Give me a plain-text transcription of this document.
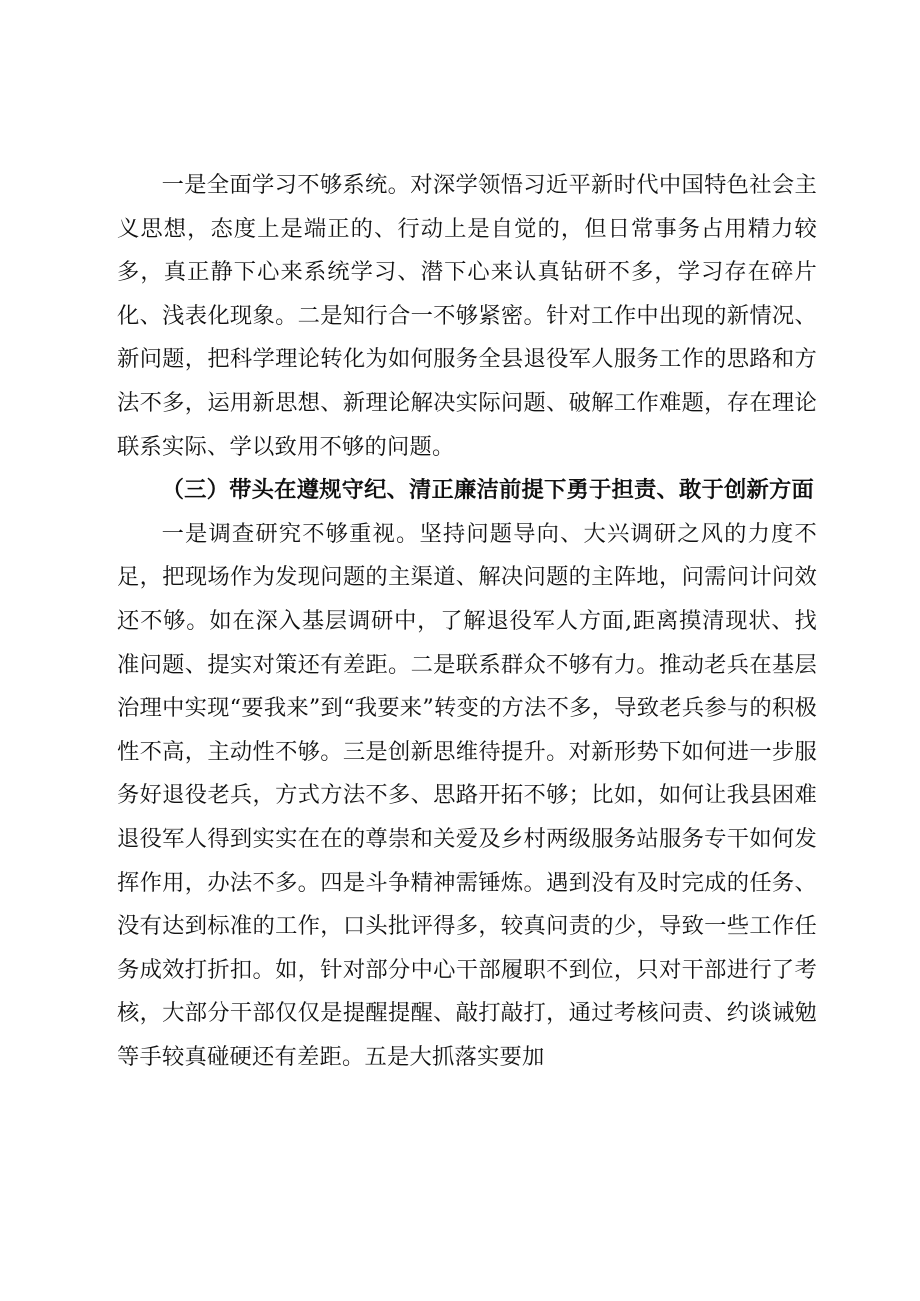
一是全面学习不够系统。对深学领悟习近平新时代中国特色社会主义思想，态度上是端正的、行动上是自觉的，但日常事务占用精力较多，真正静下心来系统学习、潜下心来认真钻研不多，学习存在碎片化、浅表化现象。二是知行合一不够紧密。针对工作中出现的新情况、新问题，把科学理论转化为如何服务全县退役军人服务工作的思路和方法不多，运用新思想、新理论解决实际问题、破解工作难题，存在理论联系实际、学以致用不够的问题。

（三）带头在遵规守纪、清正廉洁前提下勇于担责、敢于创新方面

一是调查研究不够重视。坚持问题导向、大兴调研之风的力度不足，把现场作为发现问题的主渠道、解决问题的主阵地，问需问计问效还不够。如在深入基层调研中，了解退役军人方面,距离摸清现状、找准问题、提实对策还有差距。二是联系群众不够有力。推动老兵在基层治理中实现“要我来”到“我要来”转变的方法不多，导致老兵参与的积极性不高，主动性不够。三是创新思维待提升。对新形势下如何进一步服务好退役老兵，方式方法不多、思路开拓不够；比如，如何让我县困难退役军人得到实实在在的尊崇和关爱及乡村两级服务站服务专干如何发挥作用，办法不多。四是斗争精神需锤炼。遇到没有及时完成的任务、没有达到标准的工作，口头批评得多，较真问责的少，导致一些工作任务成效打折扣。如，针对部分中心干部履职不到位，只对干部进行了考核，大部分干部仅仅是提醒提醒、敲打敲打，通过考核问责、约谈诫勉等手较真碰硬还有差距。五是大抓落实要加
